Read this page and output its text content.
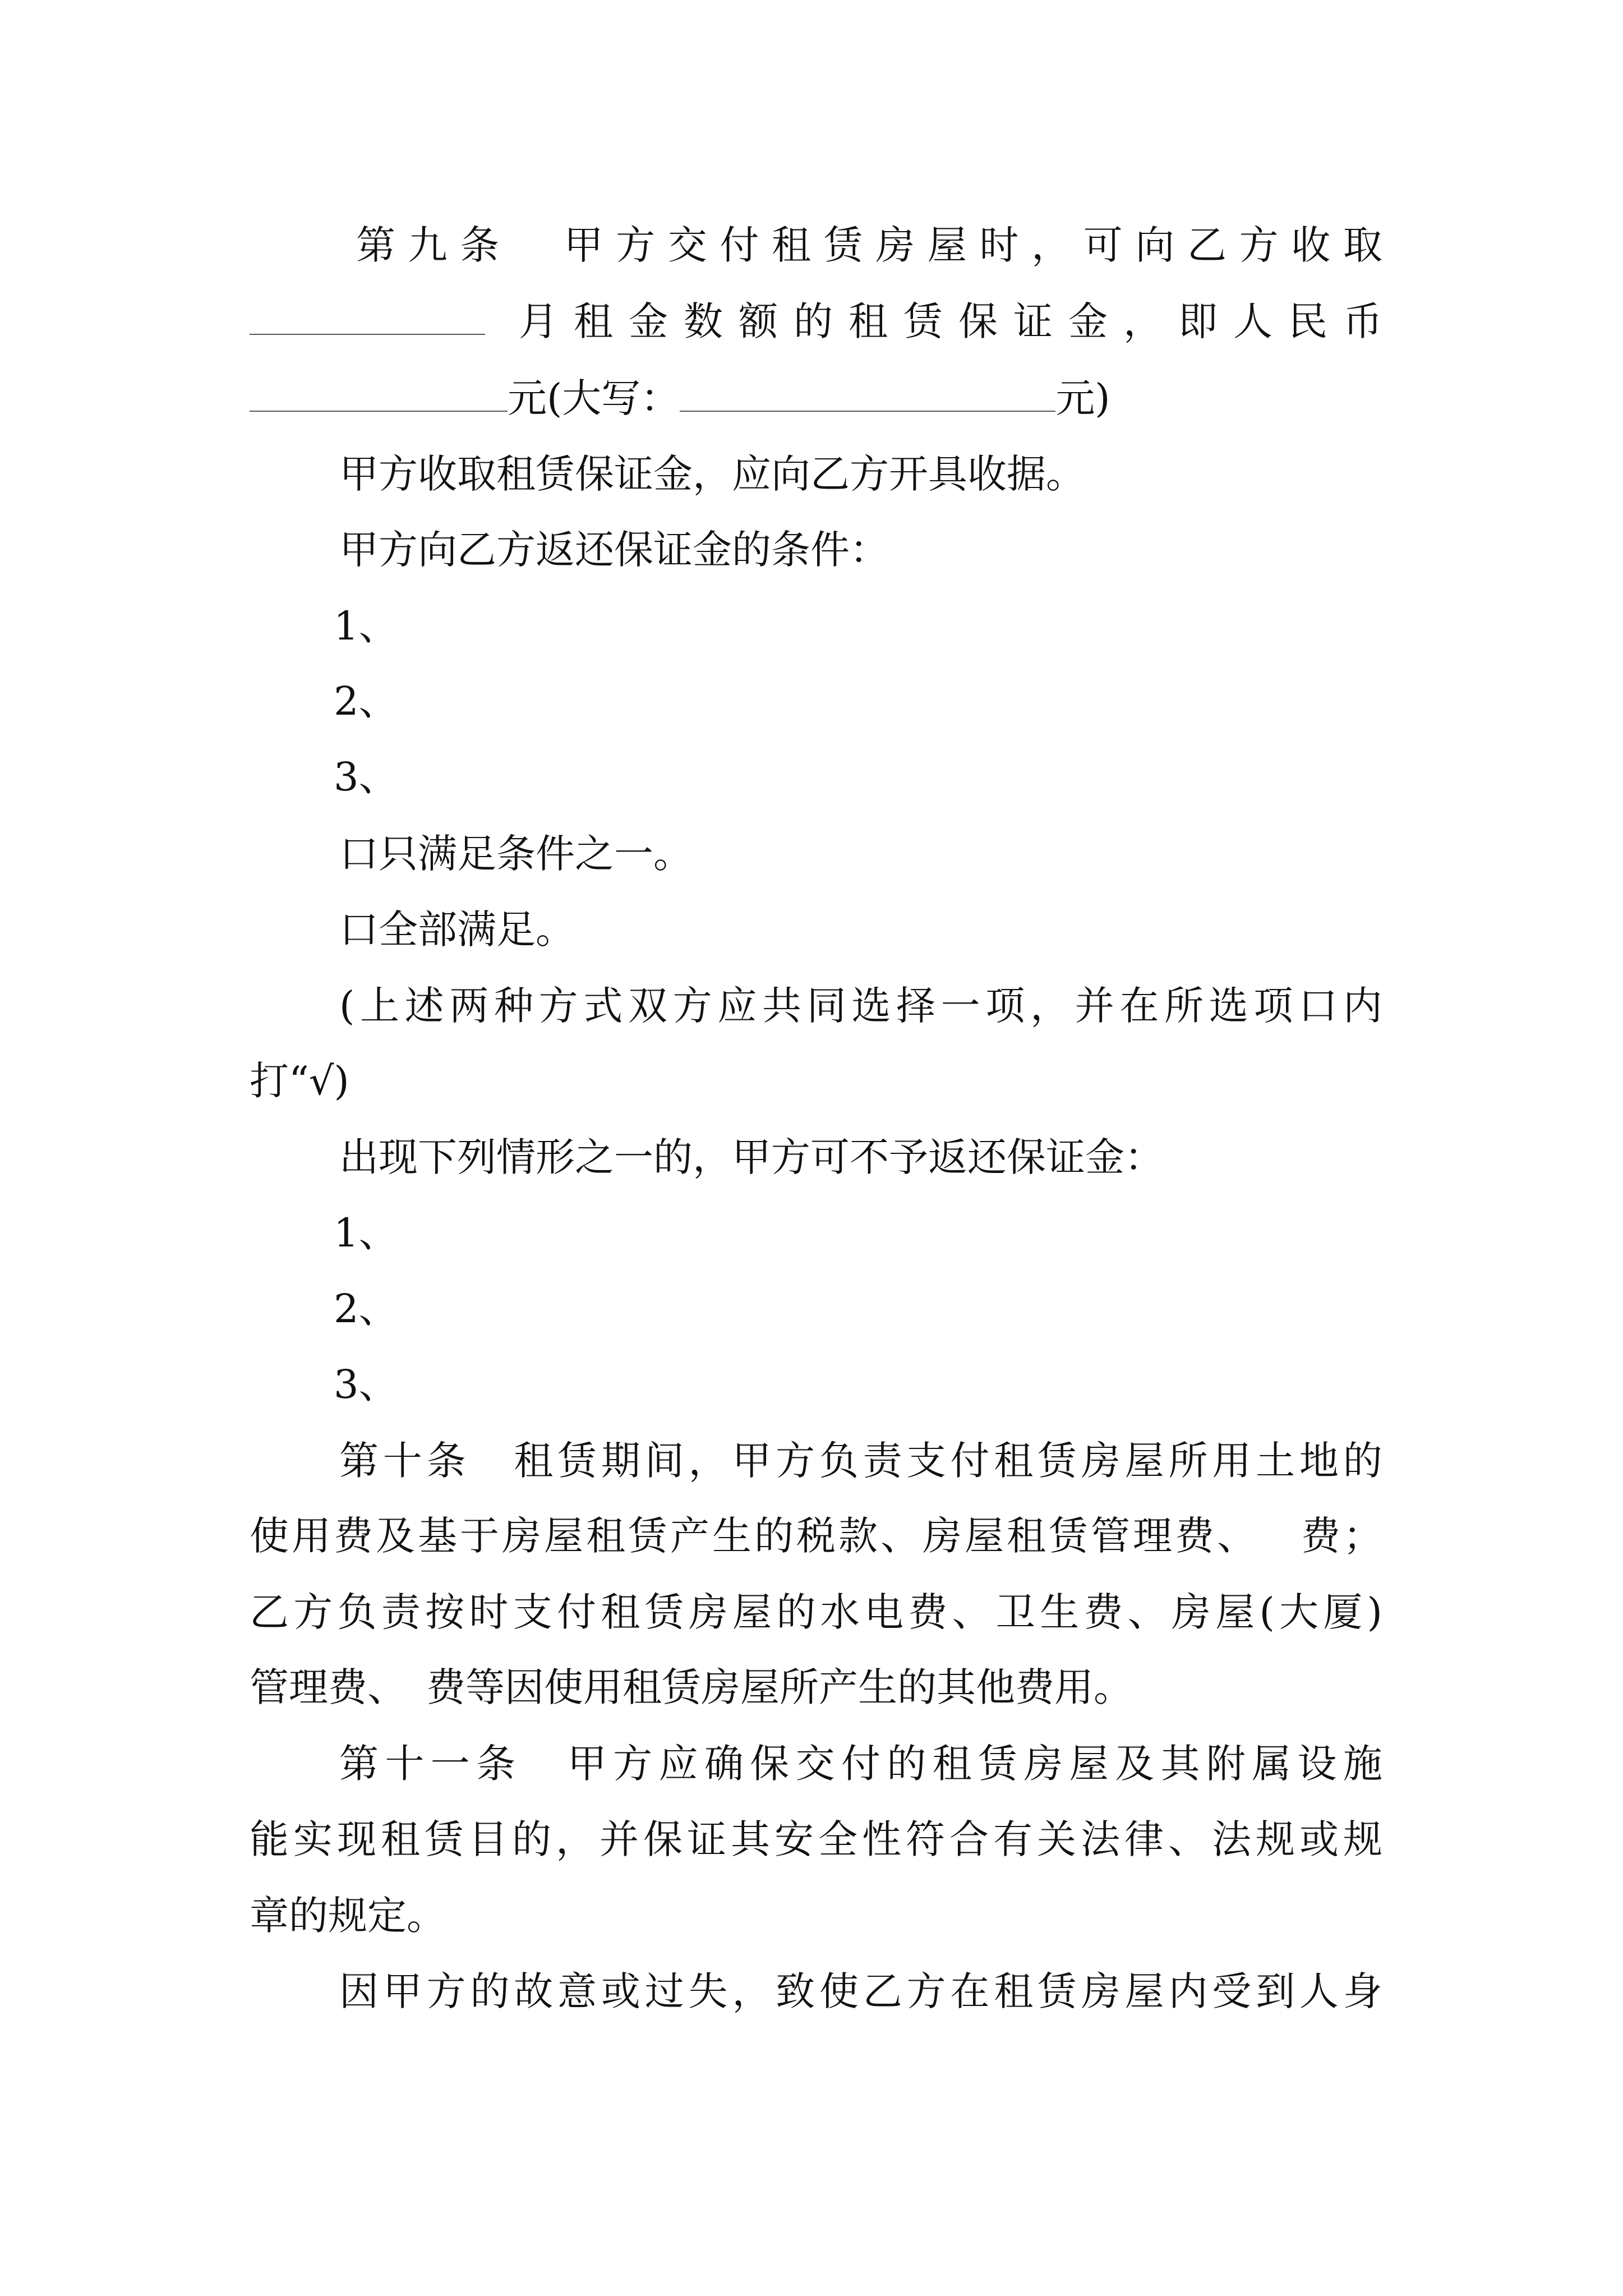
第 九 条
　 甲 方 交 付 租 赁 房 屋 时 ， 可 向 乙 方 收 取
月 租 金 数 额 的 租 赁 保 证 金 ， 即 人 民 币
元(大写：	元)
甲方收取租赁保证金，应向乙方开具收据。
甲方向乙方返还保证金的条件：
1、
2、
3、
口只满足条件之一。
口全部满足。
( 上 述 两 种 方 式 双 方 应 共 同 选 择 一 项 ， 并 在 所 选 项 口 内
打“√)
出现下列情形之一的，甲方可不予返还保证金：
1、
2、
3、
第 十 条
　 租 赁 期 间 ， 甲 方 负 责 支 付 租 赁 房 屋 所 用 土 地 的
使 用 费 及 基 于 房 屋 租 赁 产 生 的 税 款 、 房 屋 租 赁 管 理 费 、
　 费 ；
乙 方 负 责 按 时 支 付 租 赁 房 屋 的 水 电 费 、 卫 生 费 、 房 屋 ( 大 厦 )
管理费、　费等因使用租赁房屋所产生的其他费用。
第 十 一 条
　 甲 方 应 确 保 交 付 的 租 赁 房 屋 及 其 附 属 设 施
能 实 现 租 赁 目 的 ， 并 保 证 其 安 全 性 符 合 有 关 法 律 、 法 规 或 规
章的规定。
因 甲 方 的 故 意 或 过 失 ， 致 使 乙 方 在 租 赁 房 屋 内 受 到 人 身
